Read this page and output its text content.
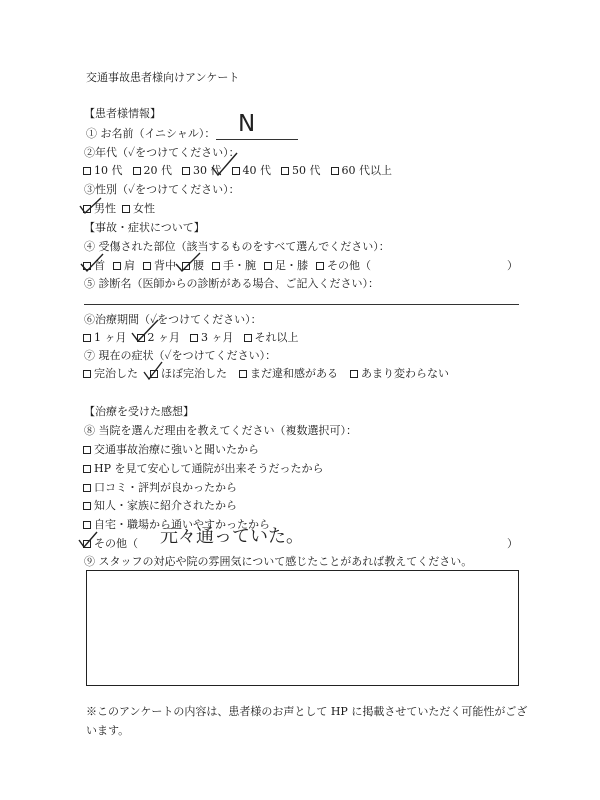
交通事故患者様向けアンケート
【患者様情報】
① お名前（イニシャル）： N
②年代（✓をつけてください）：
10 代 20 代 30 代 40 代 50 代 60 代以上
③性別（✓をつけてください）：
男性 女性
【事故・症状について】
④ 受傷された部位（該当するものをすべて選んでください）：
首 肩 背中 腰 手・腕 足・膝 その他（	）
⑤ 診断名（医師からの診断がある場合、ご記入ください）：
⑥治療期間（✓をつけてください）：
1 ヶ月 2 ヶ月 3 ヶ月 それ以上
⑦ 現在の症状（✓をつけてください）：
完治した ほぼ完治した まだ違和感がある あまり変わらない
【治療を受けた感想】
⑧ 当院を選んだ理由を教えてください（複数選択可）：
交通事故治療に強いと聞いたから
HP を見て安心して通院が出来そうだったから
口コミ・評判が良かったから
知人・家族に紹介されたから
自宅・職場から通いやすかったから
その他（ 元々通っていた。	）
⑨ スタッフの対応や院の雰囲気について感じたことがあれば教えてください。
※このアンケートの内容は、患者様のお声として HP に掲載させていただく可能性がござ
います。
